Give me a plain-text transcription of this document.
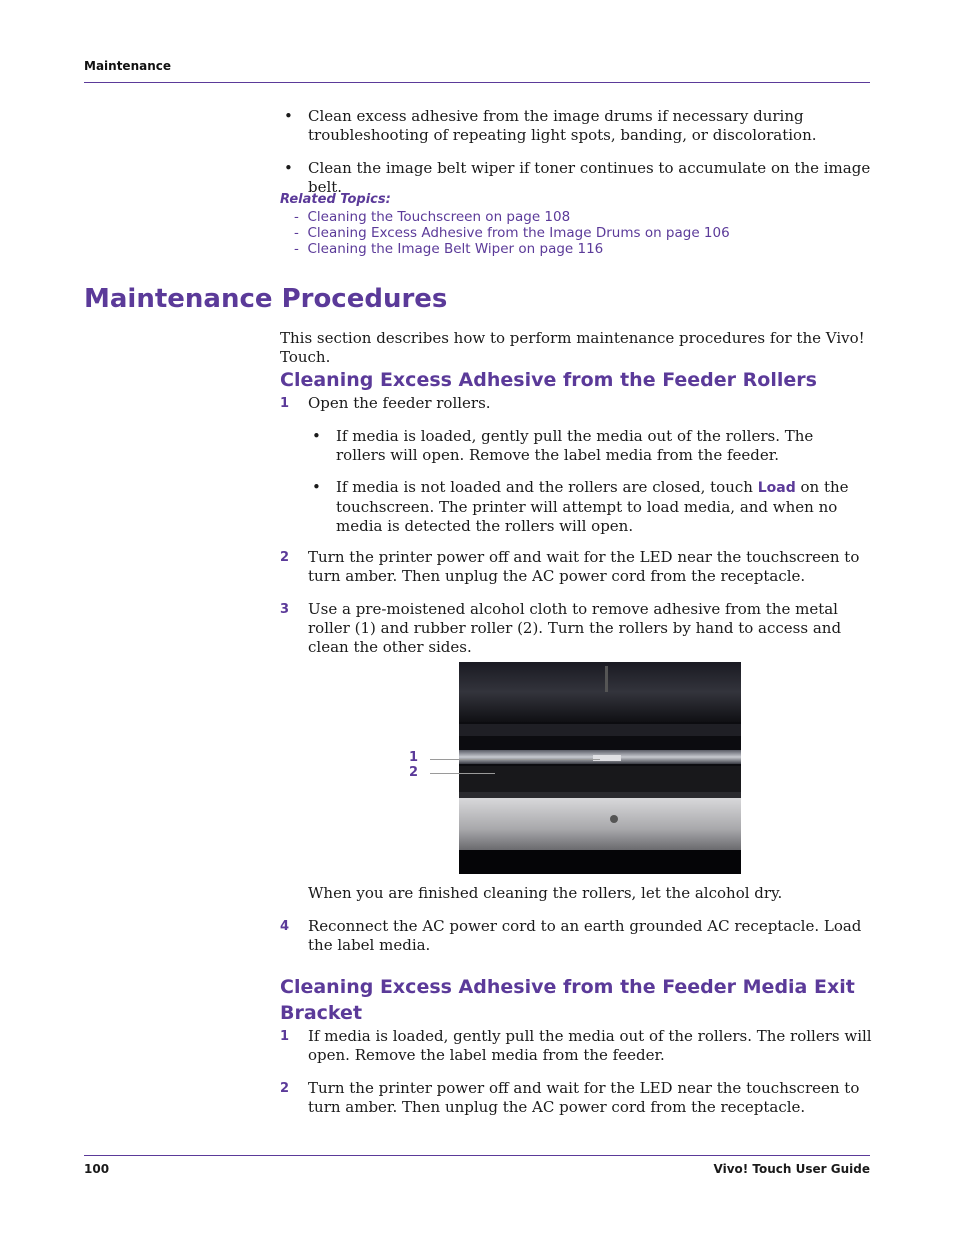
Maintenance
• Clean excess adhesive from the image drums if necessary during troubleshooting of repeating light spots, banding, or discoloration.
• Clean the image belt wiper if toner continues to accumulate on the image belt.
Related Topics:
- Cleaning the Touchscreen on page 108
- Cleaning Excess Adhesive from the Image Drums on page 106
- Cleaning the Image Belt Wiper on page 116
Maintenance Procedures
This section describes how to perform maintenance procedures for the Vivo! Touch.
Cleaning Excess Adhesive from the Feeder Rollers
1 Open the feeder rollers.
• If media is loaded, gently pull the media out of the rollers. The rollers will open. Remove the label media from the feeder.
• If media is not loaded and the rollers are closed, touch Load on the touchscreen. The printer will attempt to load media, and when no media is detected the rollers will open.
2 Turn the printer power off and wait for the LED near the touchscreen to turn amber. Then unplug the AC power cord from the receptacle.
3 Use a pre-moistened alcohol cloth to remove adhesive from the metal roller (1) and rubber roller (2). Turn the rollers by hand to access and clean the other sides.
1
2
When you are finished cleaning the rollers, let the alcohol dry.
4 Reconnect the AC power cord to an earth grounded AC receptacle. Load the label media.
Cleaning Excess Adhesive from the Feeder Media Exit
Bracket
1 If media is loaded, gently pull the media out of the rollers. The rollers will open. Remove the label media from the feeder.
2 Turn the printer power off and wait for the LED near the touchscreen to turn amber. Then unplug the AC power cord from the receptacle.
100	Vivo! Touch User Guide
